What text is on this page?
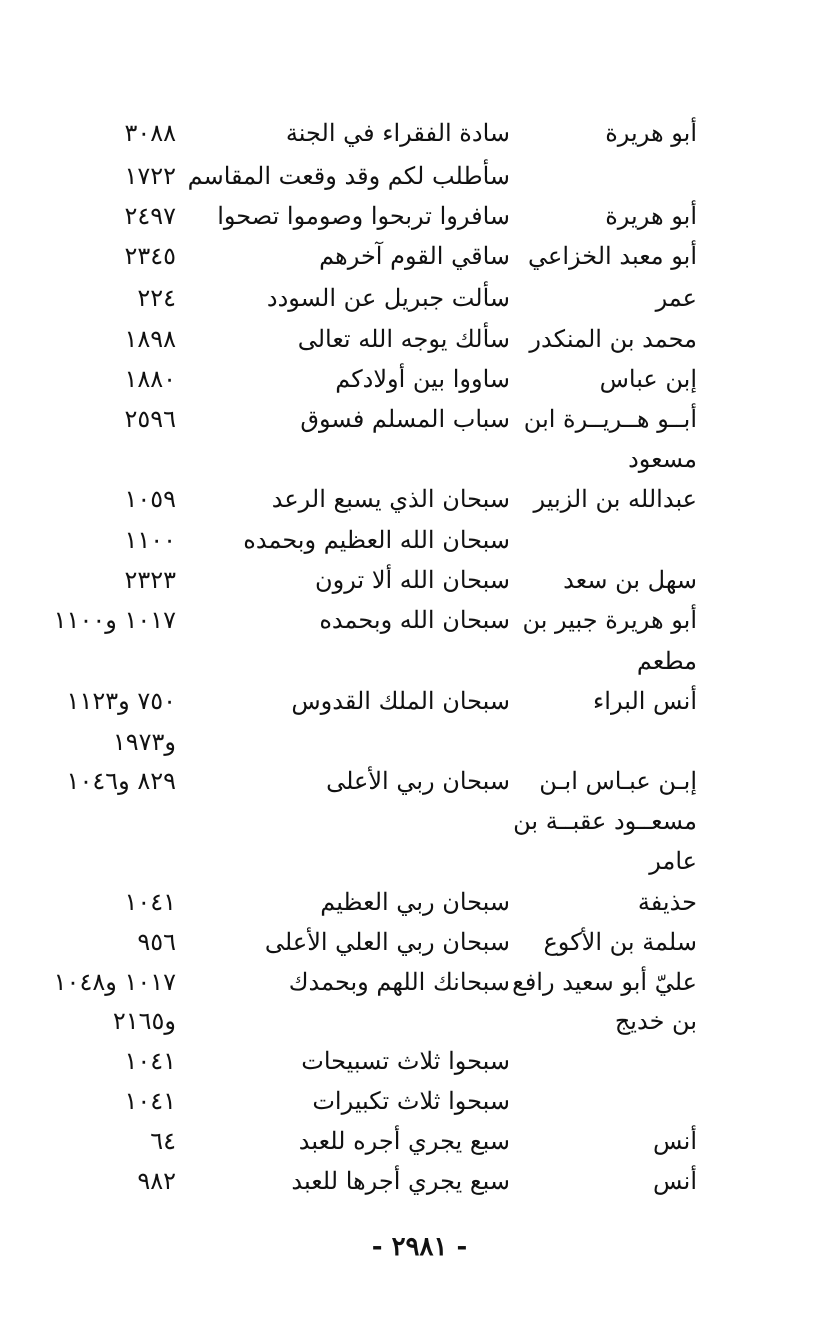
أبو هريرة
سادة الفقراء في الجنة
٣٠٨٨
سأطلب لكم وقد وقعت المقاسم
١٧٢٢
أبو هريرة
سافروا تربحوا وصوموا تصحوا
٢٤٩٧
أبو معبد الخزاعي
ساقي القوم آخرهم
٢٣٤٥
عمر
سألت جبريل عن السودد
٢٢٤
محمد بن المنكدر
سألك يوجه الله تعالى
١٨٩٨
إبن عباس
ساووا بين أولادكم
١٨٨٠
أبــو هــريــرة ابن
سباب المسلم فسوق
٢٥٩٦
مسعود
عبدالله بن الزبير
سبحان الذي يسبع الرعد
١٠٥٩
سبحان الله العظيم وبحمده
١١٠٠
سهل بن سعد
سبحان الله ألا ترون
٢٣٢٣
أبو هريرة جبير بن
سبحان الله وبحمده
١٠١٧ و١١٠٠
مطعم
أنس البراء
سبحان الملك القدوس
٧٥٠ و١١٢٣
و١٩٧٣
إبـن عبـاس ابـن
سبحان ربي الأعلى
٨٢٩ و١٠٤٦
مسعــود عقبــة بن
عامر
حذيفة
سبحان ربي العظيم
١٠٤١
سلمة بن الأكوع
سبحان ربي العلي الأعلى
٩٥٦
عليّ أبو سعيد رافع
سبحانك اللهم وبحمدك
١٠١٧ و١٠٤٨
بن خديج
و٢١٦٥
سبحوا ثلاث تسبيحات
١٠٤١
سبحوا ثلاث تكبيرات
١٠٤١
أنس
سبع يجري أجره للعبد
٦٤
أنس
سبع يجري أجرها للعبد
٩٨٢
- ٢٩٨١ -
